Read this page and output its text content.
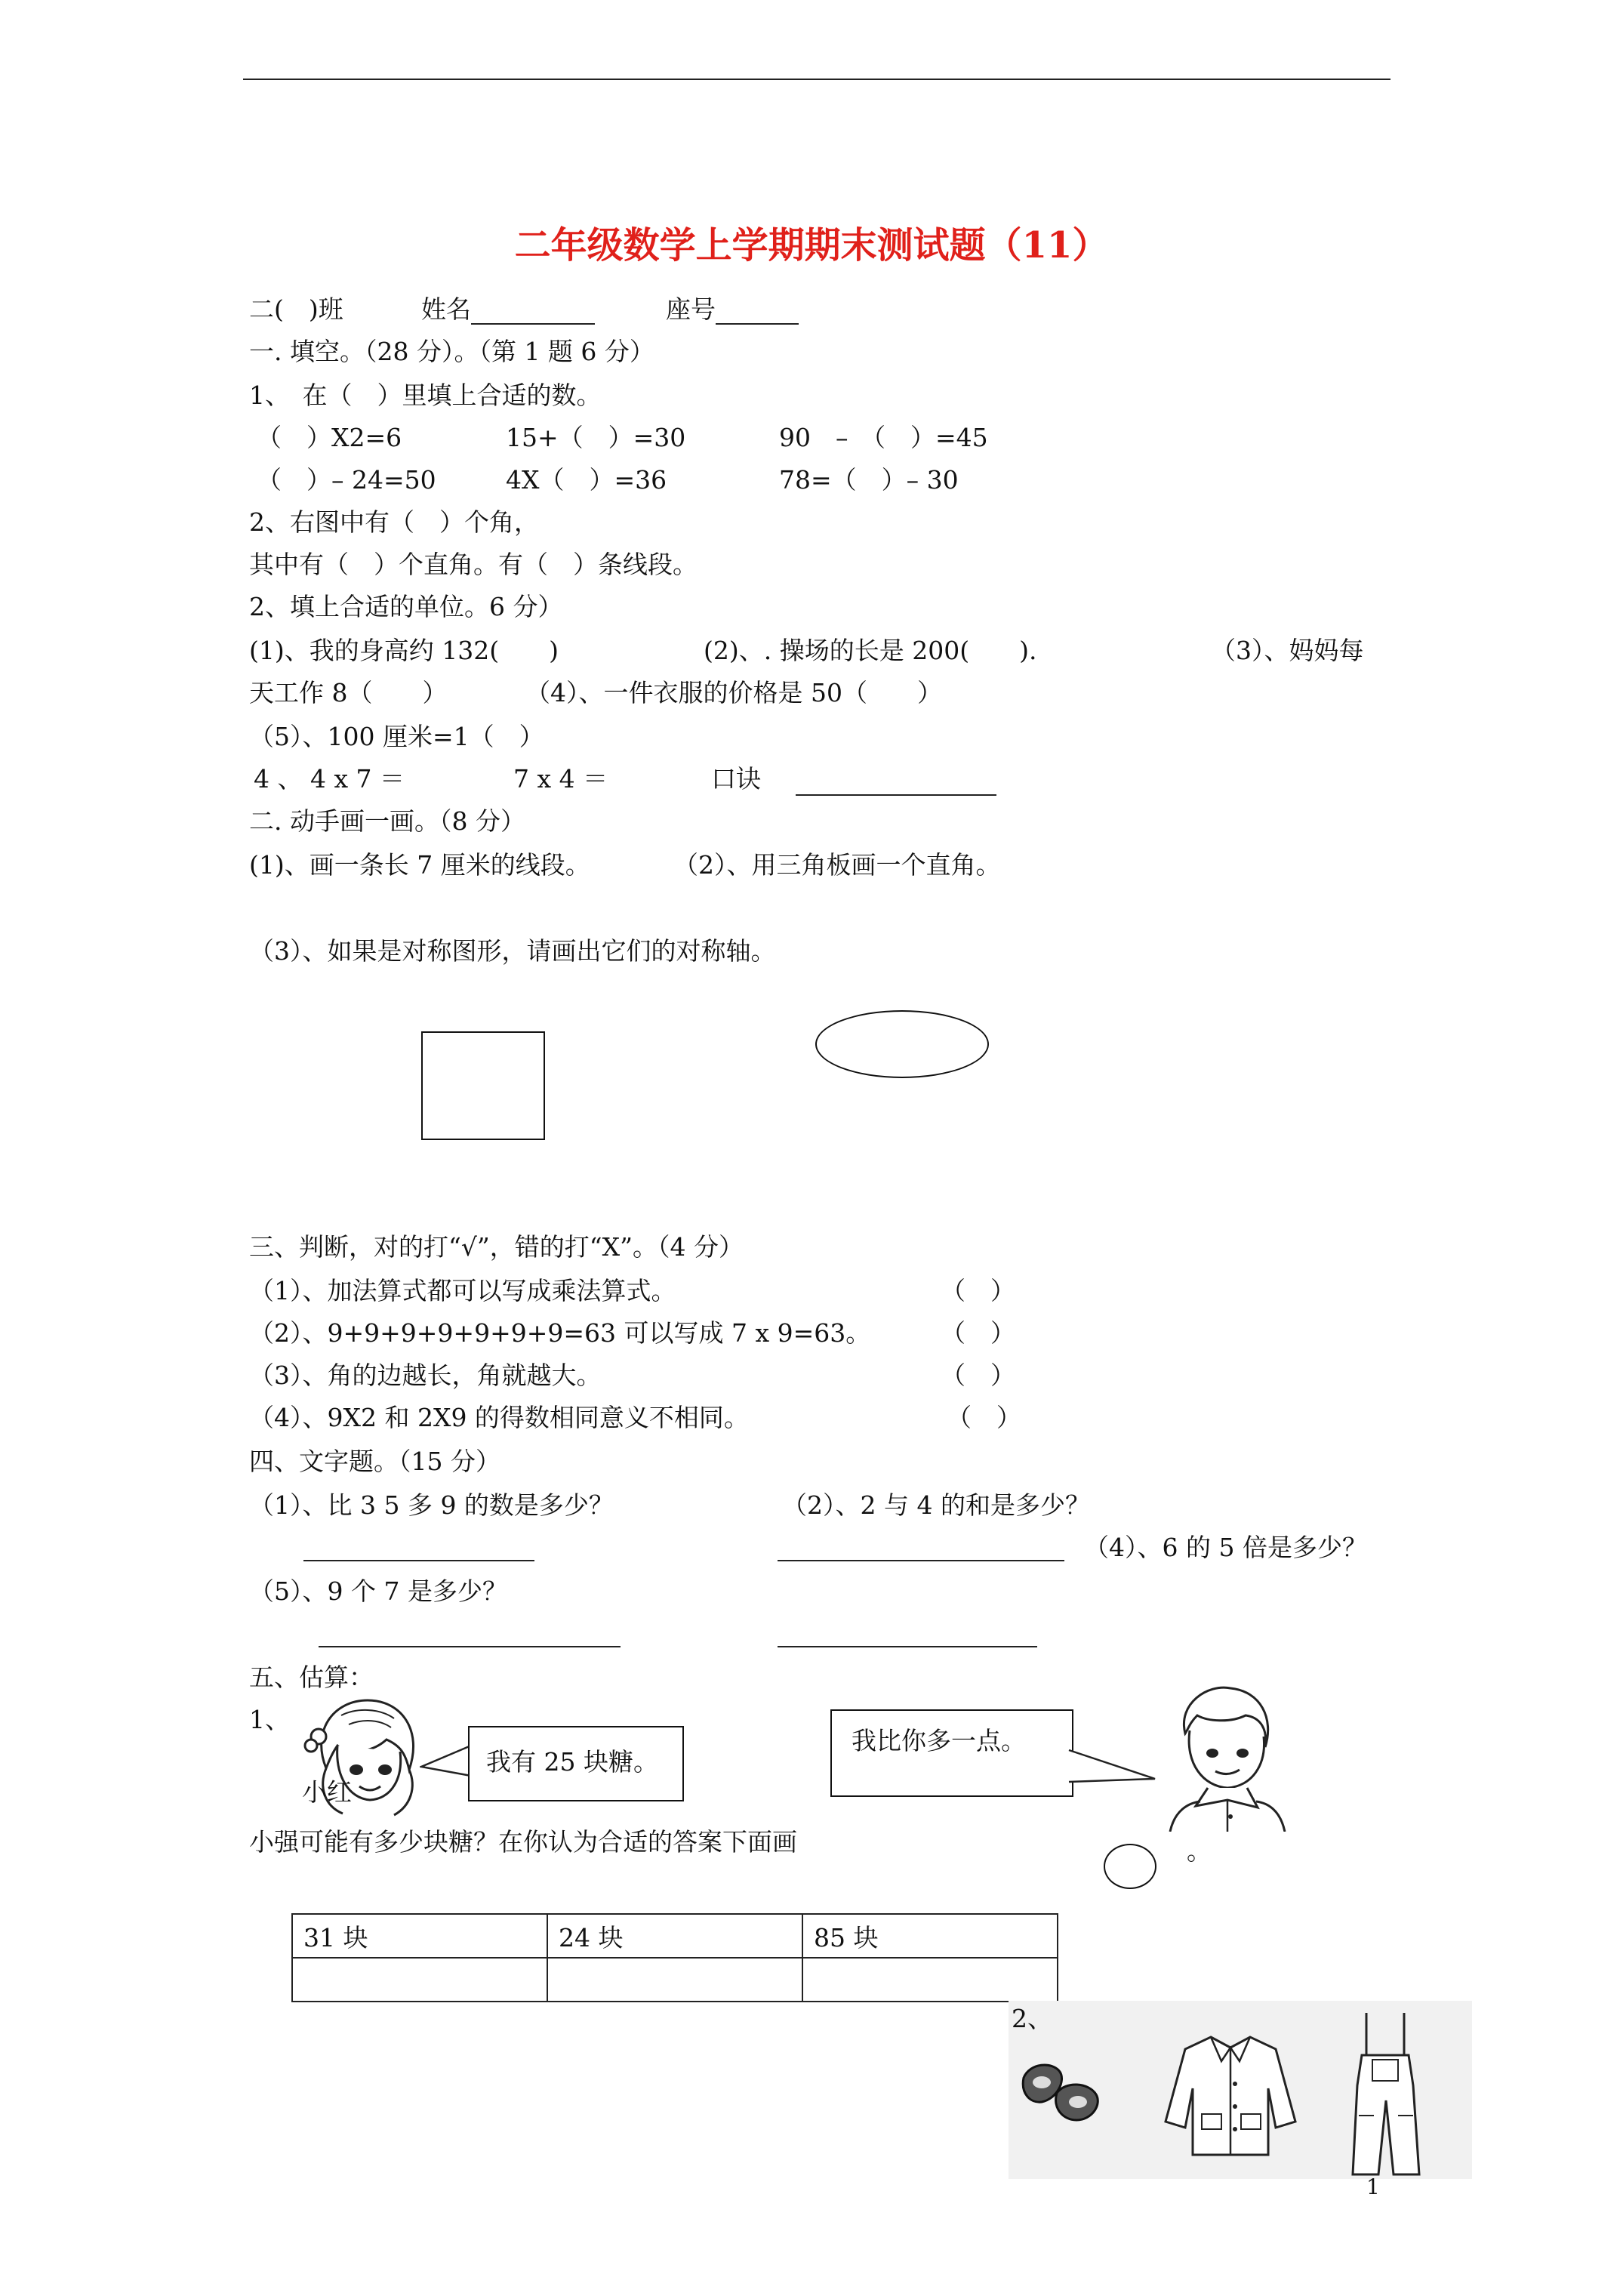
二年级数学上学期期末测试题（11）
二(　)班	姓名	座号
一. 填空。（28 分）。（第 1 题 6 分）
1、　在（　）里填上合适的数。
（　）X2=6	15+（　）=30	90　–　（　）=45
（　）– 24=50	4X（　）=36	78=（　）– 30
2、右图中有（　）个角，
其中有（　）个直角。有（　）条线段。
2、填上合适的单位。6 分）
(1)、我的身高约 132(　　)	(2)、. 操场的长是 200(　　).	（3）、妈妈每
天工作 8（　　）	（4）、一件衣服的价格是 50（　　）
（5）、100 厘米=1（　）
4 、 4 x 7 ＝	7 x 4 ＝	口诀
二. 动手画一画。（8 分）
(1)、画一条长 7 厘米的线段。	（2）、用三角板画一个直角。
（3）、如果是对称图形，请画出它们的对称轴。
三、判断，对的打“√”，错的打“X”。（4 分）
（1）、加法算式都可以写成乘法算式。	（　）
（2）、9+9+9+9+9+9+9=63 可以写成 7 x 9=63。	（　）
（3）、角的边越长，角就越大。	（　）
（4）、9X2 和 2X9 的得数相同意义不相同。	（　）
四、文字题。（15 分）
（1）、比 3 5 多 9 的数是多少？	（2）、2 与 4 的和是多少？
（4）、6 的 5 倍是多少？
（5）、9 个 7 是多少？
五、估算：
1、
小红
我有 25 块糖。
我比你多一点。
小强可能有多少块糖？在你认为合适的答案下面画	。
31 块	24 块	85 块

2、
1
